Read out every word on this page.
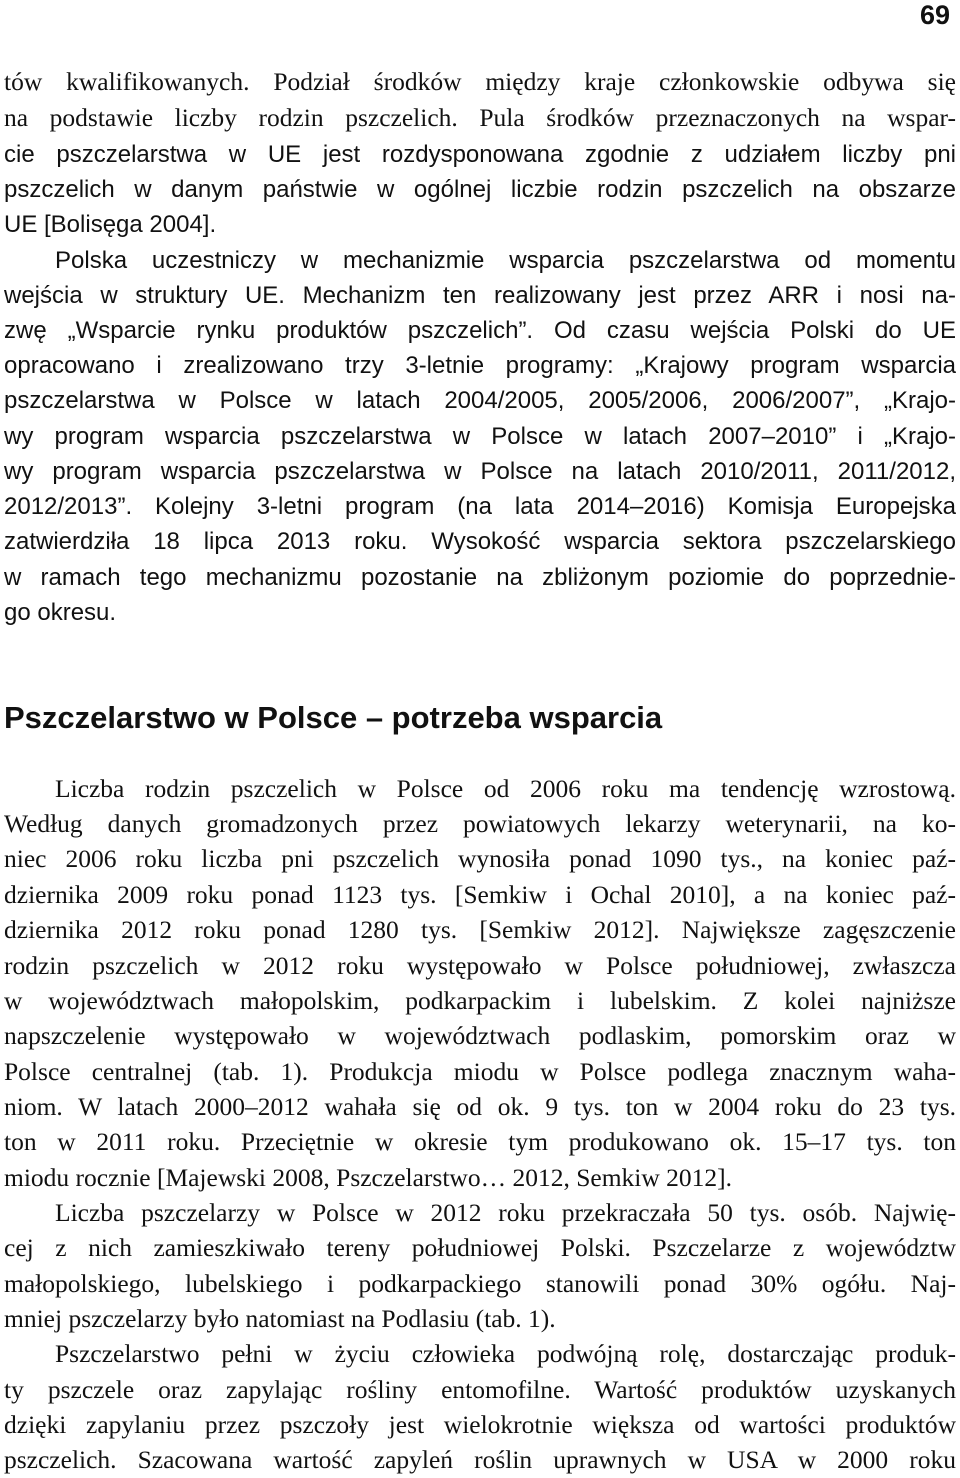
69
tów kwalifikowanych. Podział środków między kraje członkowskie odbywa się
na podstawie liczby rodzin pszczelich. Pula środków przeznaczonych na wspar-
cie pszczelarstwa w UE jest rozdysponowana zgodnie z udziałem liczby pni
pszczelich w danym państwie w ogólnej liczbie rodzin pszczelich na obszarze
UE [Bolisęga 2004].
Polska uczestniczy w mechanizmie wsparcia pszczelarstwa od momentu
wejścia w struktury UE. Mechanizm ten realizowany jest przez ARR i nosi na-
zwę „Wsparcie rynku produktów pszczelich”. Od czasu wejścia Polski do UE
opracowano i zrealizowano trzy 3-letnie programy: „Krajowy program wsparcia
pszczelarstwa w Polsce w latach 2004/2005, 2005/2006, 2006/2007”, „Krajo-
wy program wsparcia pszczelarstwa w Polsce w latach 2007–2010” i „Krajo-
wy program wsparcia pszczelarstwa w Polsce na latach 2010/2011, 2011/2012,
2012/2013”. Kolejny 3-letni program (na lata 2014–2016) Komisja Europejska
zatwierdziła 18 lipca 2013 roku. Wysokość wsparcia sektora pszczelarskiego
w ramach tego mechanizmu pozostanie na zbliżonym poziomie do poprzednie-
go okresu.
Pszczelarstwo w Polsce – potrzeba wsparcia
Liczba rodzin pszczelich w Polsce od 2006 roku ma tendencję wzrostową.
Według danych gromadzonych przez powiatowych lekarzy weterynarii, na ko-
niec 2006 roku liczba pni pszczelich wynosiła ponad 1090 tys., na koniec paź-
dziernika 2009 roku ponad 1123 tys. [Semkiw i Ochal 2010], a na koniec paź-
dziernika 2012 roku ponad 1280 tys. [Semkiw 2012]. Największe zagęszczenie
rodzin pszczelich w 2012 roku występowało w Polsce południowej, zwłaszcza
w województwach małopolskim, podkarpackim i lubelskim. Z kolei najniższe
napszczelenie występowało w województwach podlaskim, pomorskim oraz w
Polsce centralnej (tab. 1). Produkcja miodu w Polsce podlega znacznym waha-
niom. W latach 2000–2012 wahała się od ok. 9 tys. ton w 2004 roku do 23 tys.
ton w 2011 roku. Przeciętnie w okresie tym produkowano ok. 15–17 tys. ton
miodu rocznie [Majewski 2008, Pszczelarstwo… 2012, Semkiw 2012].
Liczba pszczelarzy w Polsce w 2012 roku przekraczała 50 tys. osób. Najwię-
cej z nich zamieszkiwało tereny południowej Polski. Pszczelarze z województw
małopolskiego, lubelskiego i podkarpackiego stanowili ponad 30% ogółu. Naj-
mniej pszczelarzy było natomiast na Podlasiu (tab. 1).
Pszczelarstwo pełni w życiu człowieka podwójną rolę, dostarczając produk-
ty pszczele oraz zapylając rośliny entomofilne. Wartość produktów uzyskanych
dzięki zapylaniu przez pszczoły jest wielokrotnie większa od wartości produktów
pszczelich. Szacowana wartość zapyleń roślin uprawnych w USA w 2000 roku
